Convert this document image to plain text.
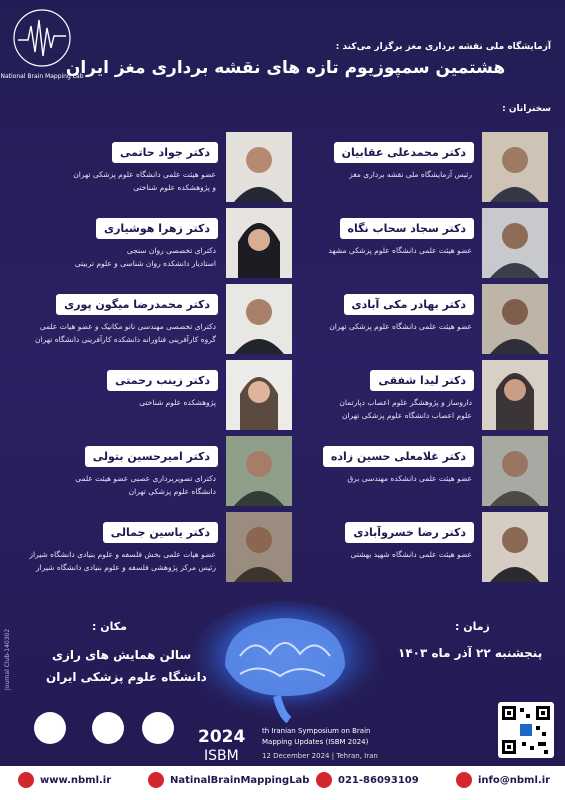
National Brain Mapping Lab
آزمایشگاه ملی نقشه برداری مغز برگزار می‌کند :
هشتمین سمپوزیوم تازه های نقشه برداری مغز ایران
سخنرانان :
دکتر محمدعلی عقابیان
رئیس آزمایشگاه ملی نقشه برداری مغز
دکتر سجاد سحاب نگاه
عضو هیئت علمی دانشگاه علوم پزشکی مشهد
دکتر بهادر مکی آبادی
عضو هیئت علمی دانشگاه علوم پزشکی تهران
دکتر لیدا شفقی
داروساز و پژوهشگر علوم اعصاب دپارتمان
علوم اعصاب دانشگاه علوم پزشکی تهران
دکتر غلامعلی حسین زاده
عضو هیئت علمی دانشکده مهندسی برق
دکتر رضا خسروآبادی
عضو هیئت علمی دانشگاه شهید بهشتی
دکتر جواد حاتمی
عضو هیئت علمی دانشگاه علوم پزشکی تهران
و پژوهشکده علوم شناختی
دکتر زهرا هوشیاری
دکترای تخصصی روان سنجی
استادیار دانشکده روان شناسی و علوم تربیتی
دکتر محمدرضا میگون پوری
دکترای تخصصی مهندسی نانو مکانیک و عضو هیات علمی
گروه کارآفرینی فناورانه دانشکده کارآفرینی دانشگاه تهران
دکتر زینب رحمتی
پژوهشکده علوم شناختی
دکتر امیرحسین بتولی
دکترای تصویربرداری عصبی عضو هیئت علمی
دانشگاه علوم پزشکی تهران
دکتر یاسین جمالی
عضو هیات علمی بخش فلسفه و علوم بنیادی دانشگاه شیراز
رئیس مرکز پژوهشی فلسفه و علوم بنیادی دانشگاه شیراز
مکان :
سالن همایش های رازی
دانشگاه علوم پزشکی ایران
زمان :
پنجشنبه ۲۲ آذر ماه ۱۴۰۳
Journal Club-140302
2024
ISBM
th Iranian Symposium on Brain
Mapping Updates (ISBM 2024)
12 December 2024 | Tehran, Iran
www.nbml.ir	NatinalBrainMappingLab	021-86093109	info@nbml.ir
